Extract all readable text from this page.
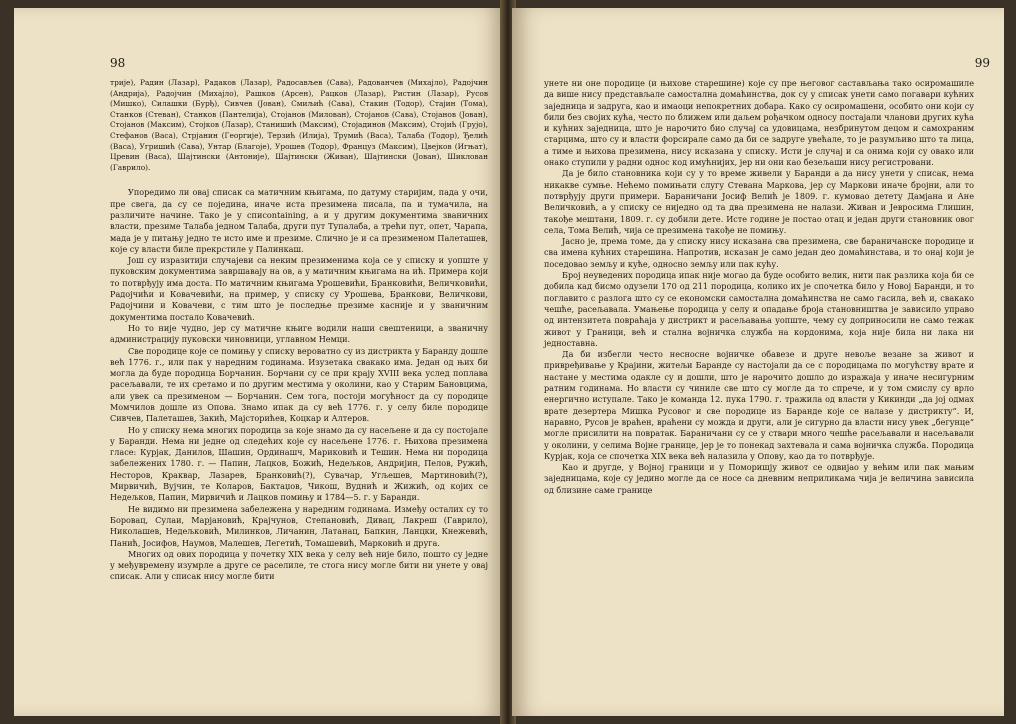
98

трије), Радин (Лазар), Радаков (Лазар), Радосављев (Сава), Радованчев (Михајло), Радојчин (Андрија), Радојчин (Михајло), Рашков (Арсен), Рацков (Лазар), Ристин (Лазар), Русов (Мишко), Силашки (Бурђ), Сивчев (Јован), Смиљић (Сава), Стакин (Тодор), Стајин (Тома), Станков (Стеван), Станков (Пантелија), Стојанов (Милован), Стојанов (Сава), Стојанов (Јован), Стојанов (Максим), Стојков (Лазар), Станишић (Максим), Стојадинов (Максим), Стојић (Грујо), Стефанов (Васа), Стрјанин (Георгије), Терзић (Илија), Трумић (Васа), Талаба (Тодор), Ђелић (Васа), Угришић (Сава), Унтар (Благоје), Урошев (Тодор), Француз (Максим), Цвејков (Игњат), Цревин (Васа), Шајтински (Антоније), Шајтински (Живан), Шајтински (Јован), Шиклован (Гаврило).

Упоредимо ли овај списак са матичним књигама, по датуму старијим, пада у очи, пре свега, да су се поједина, иначе иста презимена писала, па и тумачила, на различите начине. Тако је у спиcontaining, а и у другим документима званичних власти, презиме Талаба једном Талаба, други пут Тупалаба, а трећи пут, опет, Чарапа, мада је у питању једно те исто име и презиме. Слично је и са презименом Палеташев, које су власти биле прекрстиле у Палинкаш.

Још су изразитији случајеви са неким презименима која се у списку и уопште у пуковским документима завршавају на ов, а у матичним књигама на ић. Примера који то потврђују има доста. По матичним књигама Урошевићи, Бранковићи, Величковићи, Радојчићи и Ковачевићи, на пример, у списку су Урошева, Бранкови, Величкови, Радојчини и Ковачеви, с тим што је последње презиме касније и у званичним документима постало Ковачевић.

Но то није чудно, јер су матичне књиге водили наши свештеници, а званичну администрацију пуковски чиновници, углавном Немци.

Све породице које се помињу у списку вероватно су из дистрикта у Баранду дошле већ 1776. г., или пак у наредним годинама. Изузетака свакако има. Један од њих би могла да буде породица Борчанин. Борчани су се при крају XVIII века услед поплава расељавали, те их сретамо и по другим местима у околини, као у Старим Бановцима, али увек са презименом — Борчанин. Сем тога, постоји могућност да су породице Момчилов дошле из Опова. Знамо ипак да су већ 1776. г. у селу биле породице Сивчев, Палеташев, Закић, Мајсторићев, Коцкар и Алтеров.

Но у списку нема многих породица за које знамо да су насељене и да су постојале у Баранди. Нема ни једне од следећих које су насељене 1776. г. Њихова презимена гласе: Курјак, Данилов, Шашин, Ординашч, Мариковић и Тешин. Нема ни породица забележених 1780. г. — Папин, Лацков, Божић, Недељков, Андријин, Пелов, Ружић, Несторов, Краквар, Лазарев, Бранковић(?), Сувачар, Угљешев, Мартиновић(?), Мирвичић, Вујчин, те Коларов, Бактаџов, Чикош, Вуднић и Жижић, од којих се Недељков, Папин, Мирвичић и Лацков помињу и 1784—5. г. у Баранди.

Не видимо ни презимена забележена у наредним годинама. Између осталих су то Боровац, Сулаи, Марјановић, Крајчунов, Степановић, Дивац, Лакреш (Гаврило), Николашев, Недељковић, Милинков, Личанин, Латанац, Бапкин, Ланцки, Кнежевић, Панић, Јосифов, Наумов, Малешев, Легетић, Томашевић, Марковић и друга.

Многих од ових породица у почетку XIX века у селу већ није било, пошто су једне у међувремену изумрле а друге се раселиле, те стога нису могле бити ни унете у овај списак. Али у списак нису могле бити

99

унете ни оне породице (и њихове старешине) које су пре његовог састављања тако осиромашиле да више нису представљале самостална домаћинства, док су у списак унети само погавари кућних заједница и задруга, као и имаоци непокретних добара. Како су осиромашени, особито они који су били без својих кућа, често по ближем или даљем рођачком односу постајали чланови других кућа и кућних заједница, што је нарочито био случај са удовицама, незбринутом децом и самохраним старцима, што су и власти форсирале само да би се задруге увећале, то је разумљиво што та лица, а тиме и њихова презимена, нису исказана у списку. Исти је случај и са онима који су овако или онако ступили у радни однос код имућнијих, јер ни они као безељаши нису регистровани.

Да је било становника који су у то време живели у Баранди а да нису унети у списак, нема никакве сумње. Нећемо помињати слугу Стевана Маркова, јер су Маркови иначе бројни, али то потврђују други примери. Бараничани Јосиф Велић је 1809. г. кумовао детету Дамјана и Ане Величковић, а у списку се ниједно од та два презимена не налази. Живан и Јевросима Глишин, такође мештани, 1809. г. су добили дете. Исте године је постао отац и један други становник овог села, Тома Велић, чија се презимена такође не помињу.

Јасно је, према томе, да у списку нису исказана сва презимена, све бараничанске породице и сва имена кућних старешина. Напротив, исказан је само један део домаћинстава, и то онај који је поседовао земљу и куће, односно земљу или пак кућу.

Број неуведених породица ипак није могао да буде особито велик, нити пак разлика која би се добила кад бисмо одузели 170 од 211 породица, колико их је спочетка било у Новој Баранди, и то поглавито с разлога што су се економски самостална домаћинства не само гасила, већ и, свакако чешће, расељавала. Умањење породица у селу и опадање броја становништва је зависило управо од интензитета повраћаја у дистрикт и расељавања уопште, чему су доприносили не само тежак живот у Граници, већ и стална војничка служба на кордонима, која није била ни лака ни једноставна.

Да би избегли често несносне војничке обавезе и друге невоље везане за живот и привређивање у Крајини, житељи Баранде су настојали да се с породицама по могућству врате и настане у местима одакле су и дошли, што је нарочито дошло до изражаја у иначе несигурним ратним годинама. Но власти су чиниле све што су могле да то спрече, и у том смислу су врло енергично иступале. Тако је команда 12. пука 1790. г. тражила од власти у Кикинди „да јој одмах врате дезертера Мишка Русовог и све породице из Баранде које се налазе у дистрикту“. И, наравно, Русов је враћен, враћени су можда и други, али је сигурно да власти нису увек „бегунце“ могле присилити на повратак. Бараничани су се у ствари много чешће расељавали и насељавали у околини, у селима Војне границе, јер је то понекад захтевала и сама војничка служба. Породица Курјак, која се спочетка XIX века већ налазила у Опову, као да то потврђује.

Као и другде, у Војној граници и у Поморишју живот се одвијао у већим или пак мањим заједницама, које су једино могле да се носе са дневним неприликама чија је величина зависила од близине саме границе
